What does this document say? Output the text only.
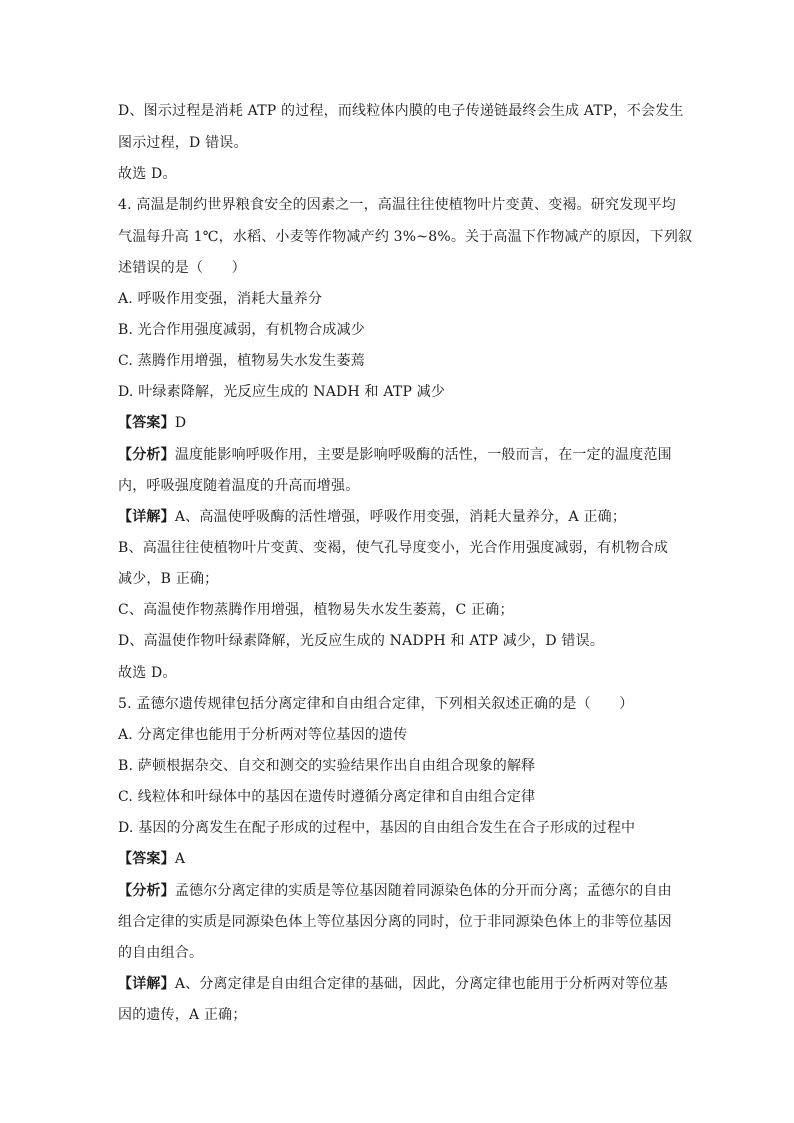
D、图示过程是消耗 ATP 的过程，而线粒体内膜的电子传递链最终会生成 ATP，不会发生
图示过程，D 错误。
故选 D。
4. 高温是制约世界粮食安全的因素之一，高温往往使植物叶片变黄、变褐。研究发现平均
气温每升高 1℃，水稻、小麦等作物减产约 3%~8%。关于高温下作物减产的原因，下列叙
述错误的是（　　）
A. 呼吸作用变强，消耗大量养分
B. 光合作用强度减弱，有机物合成减少
C. 蒸腾作用增强，植物易失水发生萎蔫
D. 叶绿素降解，光反应生成的 NADH 和 ATP 减少
【答案】D
【分析】温度能影响呼吸作用，主要是影响呼吸酶的活性，一般而言，在一定的温度范围
内，呼吸强度随着温度的升高而增强。
【详解】A、高温使呼吸酶的活性增强，呼吸作用变强，消耗大量养分，A 正确；
B、高温往往使植物叶片变黄、变褐，使气孔导度变小，光合作用强度减弱，有机物合成
减少，B 正确；
C、高温使作物蒸腾作用增强，植物易失水发生萎蔫，C 正确；
D、高温使作物叶绿素降解，光反应生成的 NADPH 和 ATP 减少，D 错误。
故选 D。
5. 孟德尔遗传规律包括分离定律和自由组合定律，下列相关叙述正确的是（　　）
A. 分离定律也能用于分析两对等位基因的遗传
B. 萨顿根据杂交、自交和测交的实验结果作出自由组合现象的解释
C. 线粒体和叶绿体中的基因在遗传时遵循分离定律和自由组合定律
D. 基因的分离发生在配子形成的过程中，基因的自由组合发生在合子形成的过程中
【答案】A
【分析】孟德尔分离定律的实质是等位基因随着同源染色体的分开而分离；孟德尔的自由
组合定律的实质是同源染色体上等位基因分离的同时，位于非同源染色体上的非等位基因
的自由组合。
【详解】A、分离定律是自由组合定律的基础，因此，分离定律也能用于分析两对等位基
因的遗传，A 正确；
